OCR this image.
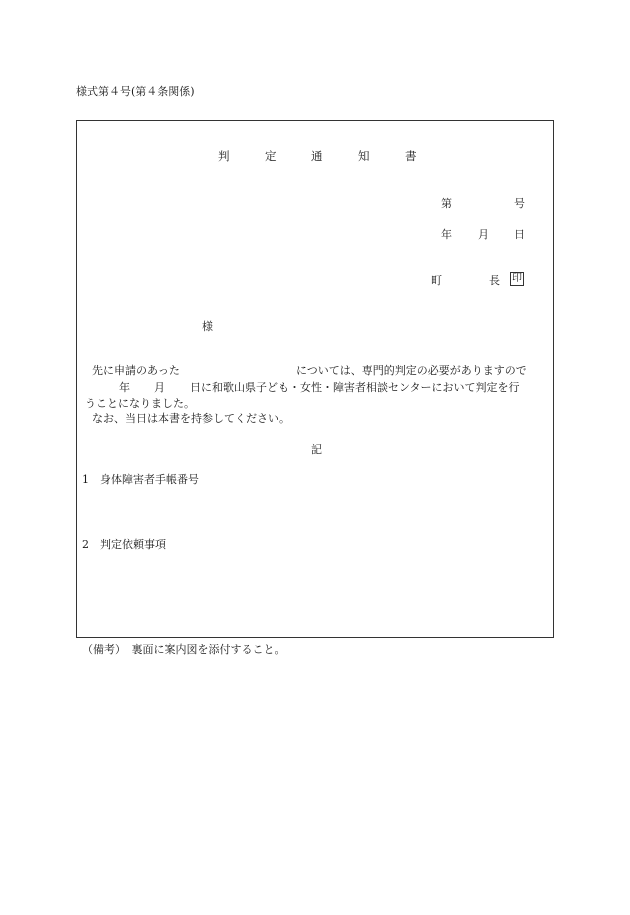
様式第４号(第４条関係)
判	定	通	知	書
第	号
年 月 日
町	長 印
様
先に申請のあった	については、専門的判定の必要がありますので
年 月 日に和歌山県子ども・女性・障害者相談センターにおいて判定を行
うことになりました。
なお、当日は本書を持参してください。
記
1　身体障害者手帳番号
2　判定依頼事項
（備考）　裏面に案内図を添付すること。
